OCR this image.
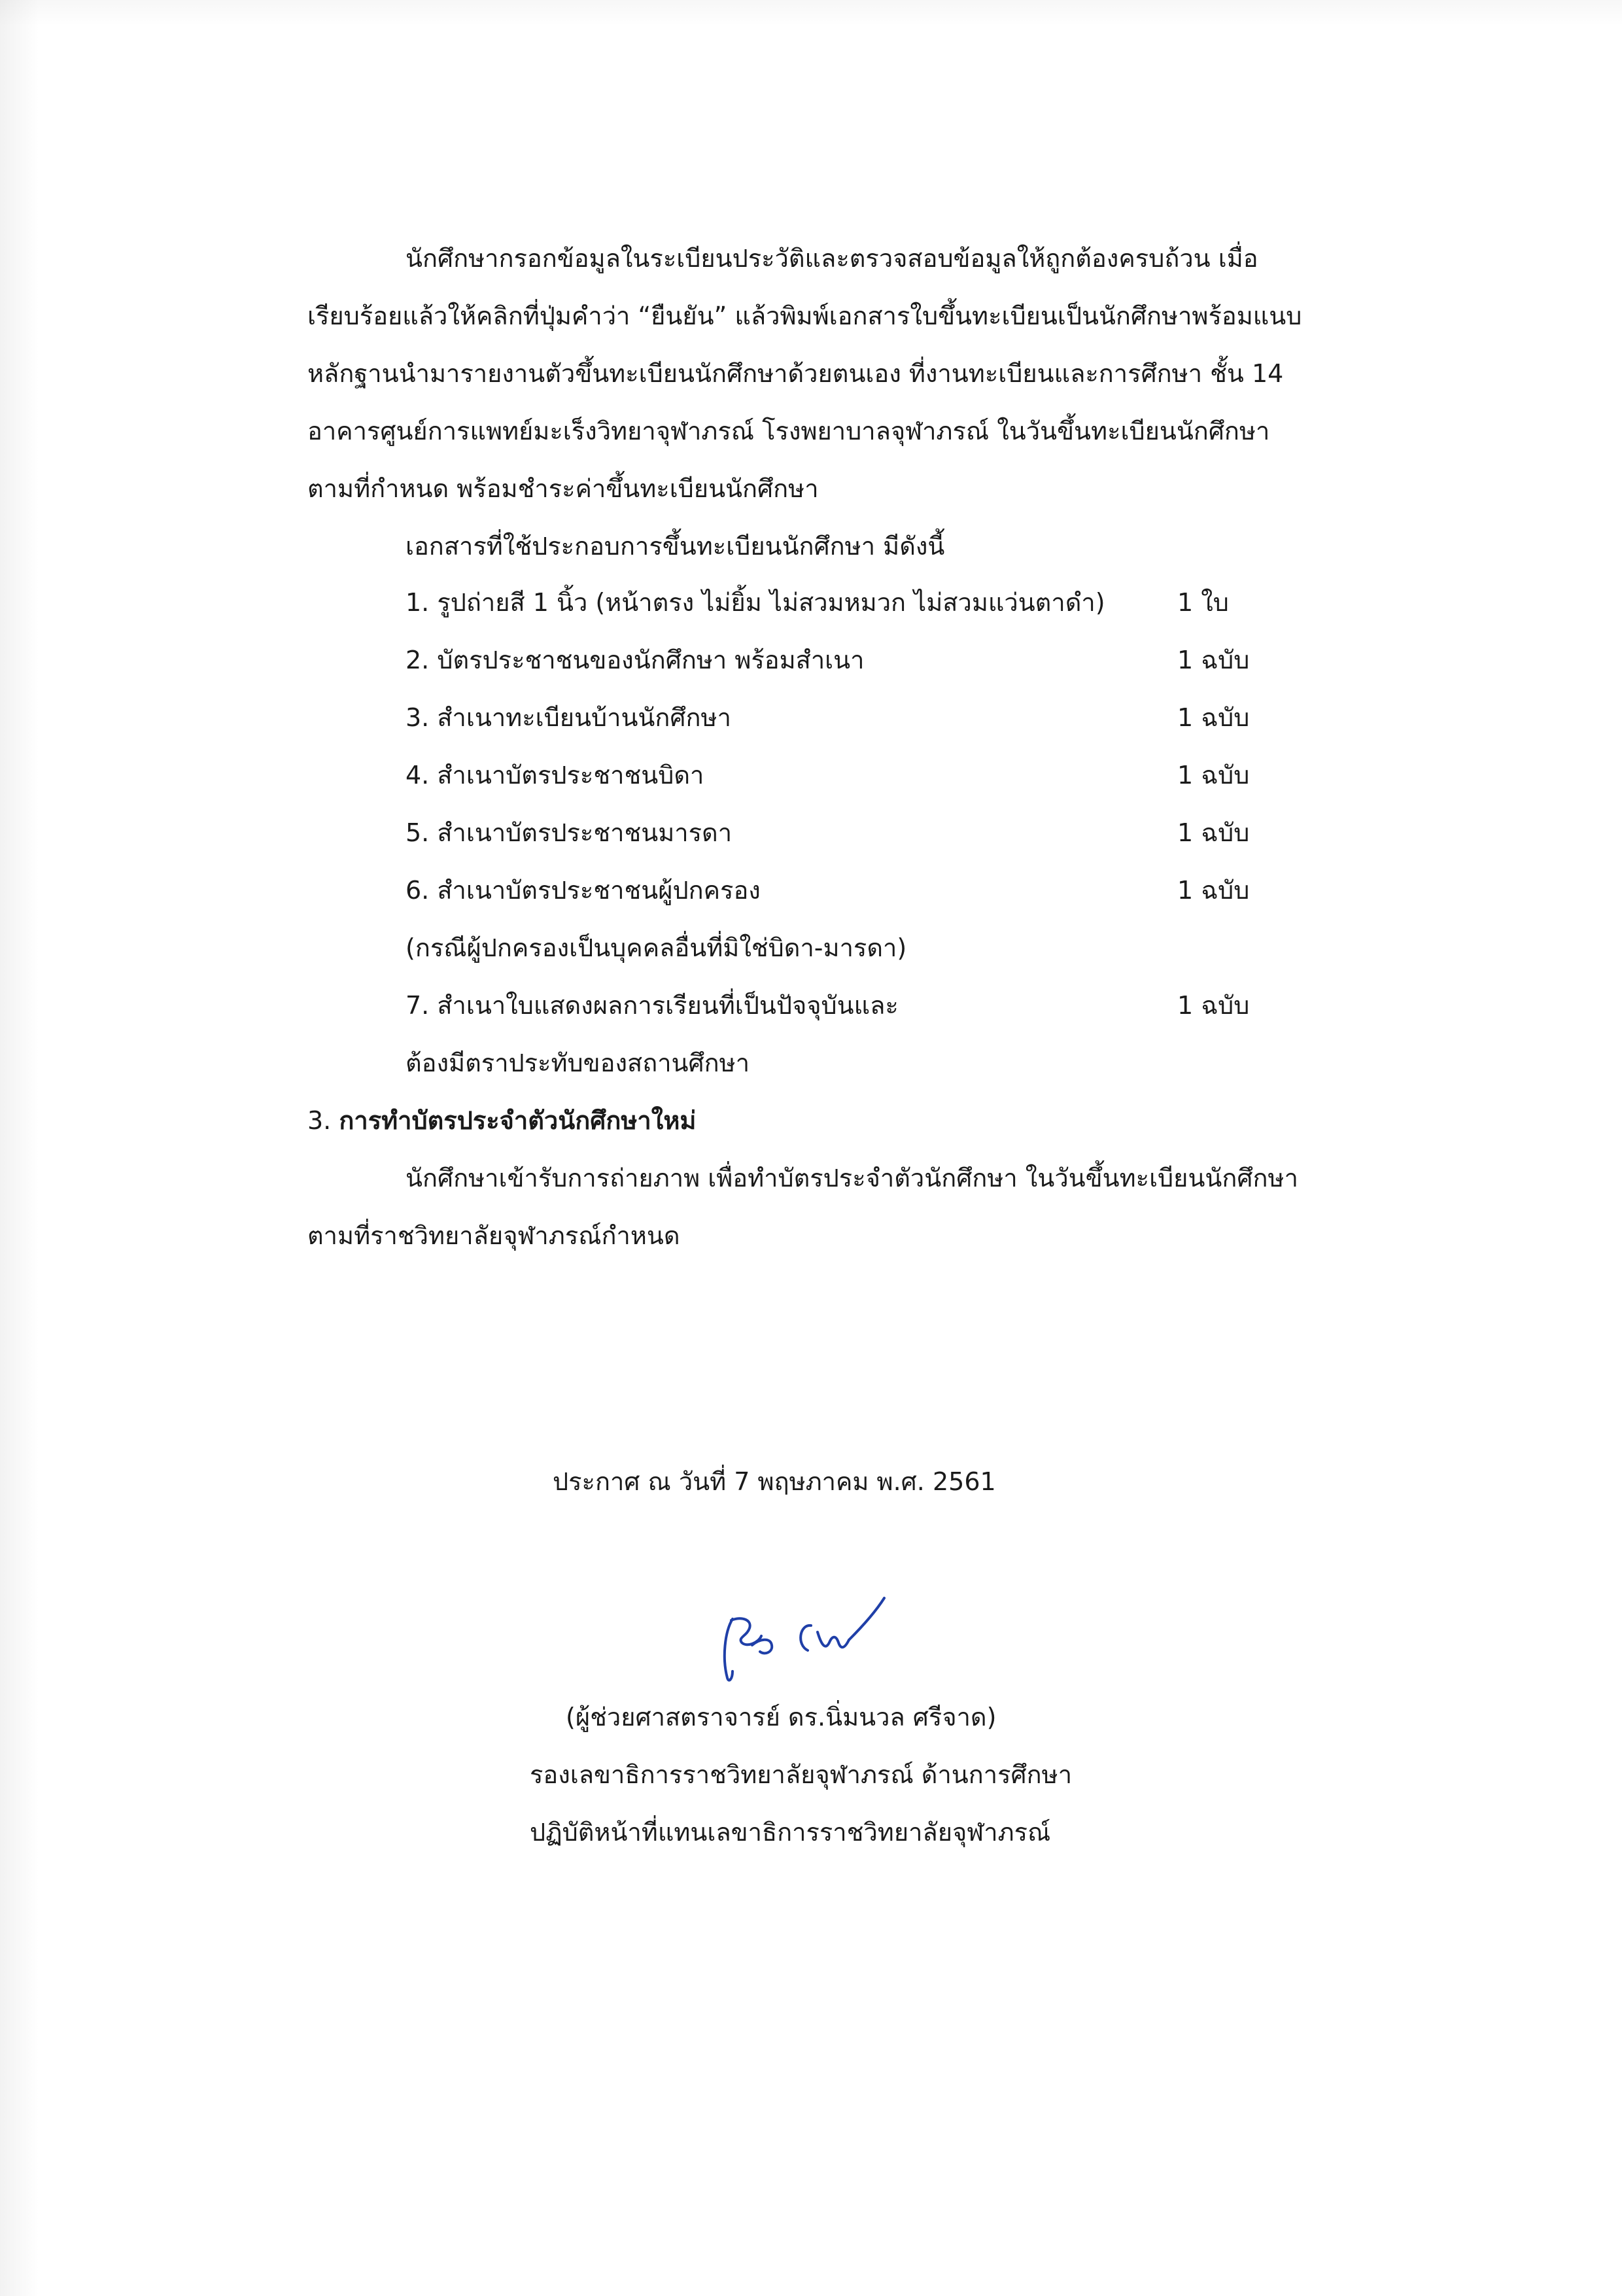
นักศึกษากรอกข้อมูลในระเบียนประวัติและตรวจสอบข้อมูลให้ถูกต้องครบถ้วน เมื่อ
เรียบร้อยแล้วให้คลิกที่ปุ่มคำว่า “ยืนยัน” แล้วพิมพ์เอกสารใบขึ้นทะเบียนเป็นนักศึกษาพร้อมแนบ
หลักฐานนำมารายงานตัวขึ้นทะเบียนนักศึกษาด้วยตนเอง ที่งานทะเบียนและการศึกษา ชั้น 14
อาคารศูนย์การแพทย์มะเร็งวิทยาจุฬาภรณ์ โรงพยาบาลจุฬาภรณ์ ในวันขึ้นทะเบียนนักศึกษา
ตามที่กำหนด พร้อมชำระค่าขึ้นทะเบียนนักศึกษา
เอกสารที่ใช้ประกอบการขึ้นทะเบียนนักศึกษา มีดังนี้
1. รูปถ่ายสี 1 นิ้ว (หน้าตรง ไม่ยิ้ม ไม่สวมหมวก ไม่สวมแว่นตาดำ)	1 ใบ
2. บัตรประชาชนของนักศึกษา พร้อมสำเนา	1 ฉบับ
3. สำเนาทะเบียนบ้านนักศึกษา	1 ฉบับ
4. สำเนาบัตรประชาชนบิดา	1 ฉบับ
5. สำเนาบัตรประชาชนมารดา	1 ฉบับ
6. สำเนาบัตรประชาชนผู้ปกครอง	1 ฉบับ
(กรณีผู้ปกครองเป็นบุคคลอื่นที่มิใช่บิดา-มารดา)
7. สำเนาใบแสดงผลการเรียนที่เป็นปัจจุบันและ	1 ฉบับ
ต้องมีตราประทับของสถานศึกษา
3. การทำบัตรประจำตัวนักศึกษาใหม่
นักศึกษาเข้ารับการถ่ายภาพ เพื่อทำบัตรประจำตัวนักศึกษา ในวันขึ้นทะเบียนนักศึกษา
ตามที่ราชวิทยาลัยจุฬาภรณ์กำหนด
ประกาศ ณ วันที่ 7 พฤษภาคม พ.ศ. 2561
(ผู้ช่วยศาสตราจารย์ ดร.นิ่มนวล ศรีจาด)
รองเลขาธิการราชวิทยาลัยจุฬาภรณ์ ด้านการศึกษา
ปฏิบัติหน้าที่แทนเลขาธิการราชวิทยาลัยจุฬาภรณ์
